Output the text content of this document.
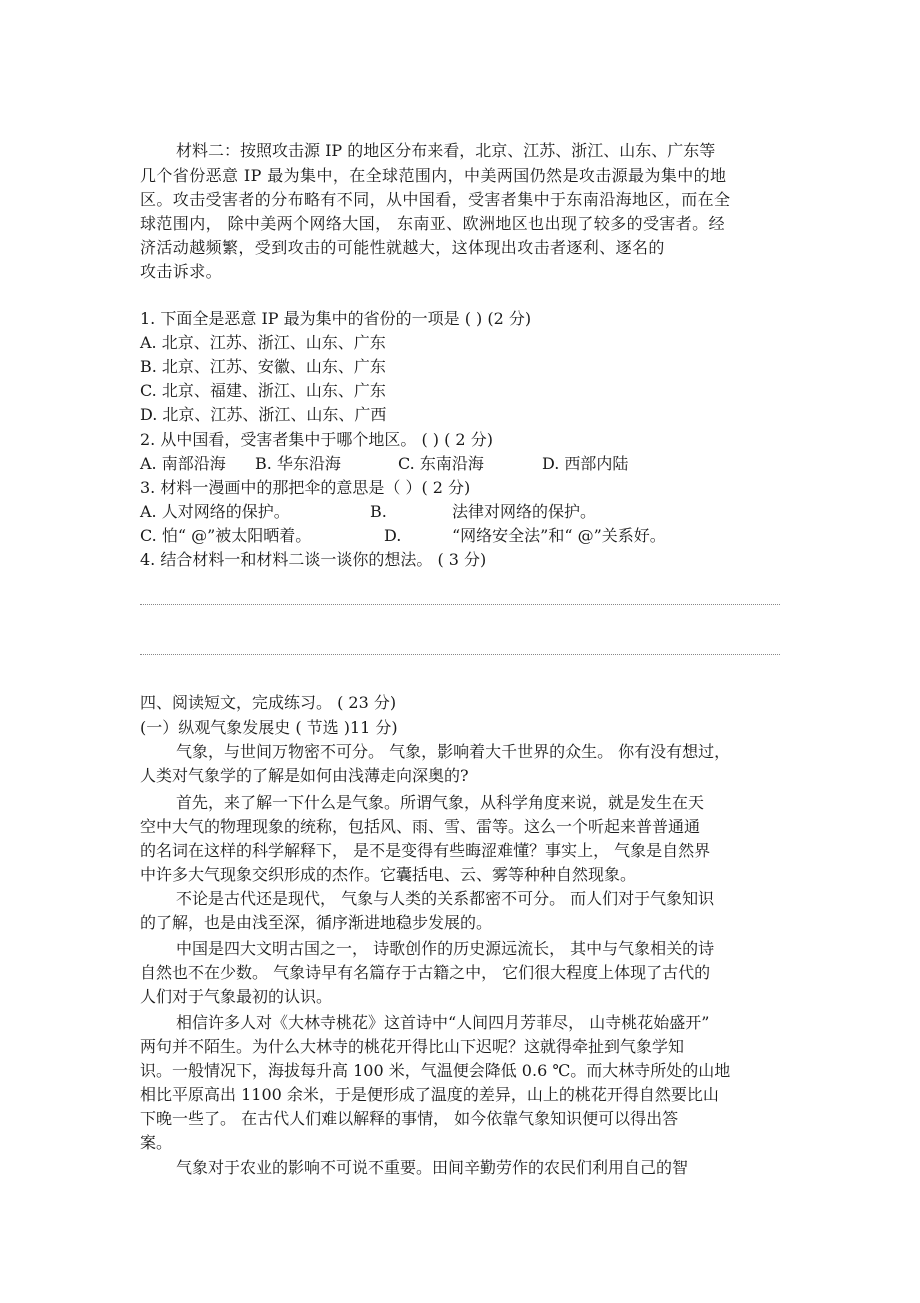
材料二：按照攻击源 IP 的地区分布来看，北京、江苏、浙江、山东、广东等
几个省份恶意 IP 最为集中，在全球范围内，中美两国仍然是攻击源最为集中的地
区。攻击受害者的分布略有不同，从中国看，受害者集中于东南沿海地区，而在全
球范围内， 除中美两个网络大国， 东南亚、欧洲地区也出现了较多的受害者。经
济活动越频繁，受到攻击的可能性就越大，这体现出攻击者逐利、逐名的
攻击诉求。
1. 下面全是恶意 IP 最为集中的省份的一项是 ( ) (2 分)
A. 北京、江苏、浙江、山东、广东
B. 北京、江苏、安徽、山东、广东
C. 北京、福建、浙江、山东、广东
D. 北京、江苏、浙江、山东、广西
2. 从中国看，受害者集中于哪个地区。 ( ) ( 2 分)
A. 南部沿海 B. 华东沿海	C. 东南沿海	D. 西部内陆
3. 材料一漫画中的那把伞的意思是（ ）( 2 分)
A. 人对网络的保护。	B.	法律对网络的保护。
C. 怕“ @”被太阳晒着。	D.	“网络安全法”和“ @”关系好。
4. 结合材料一和材料二谈一谈你的想法。 ( 3 分)
四、阅读短文，完成练习。 ( 23 分)
(一）纵观气象发展史 ( 节选 )11 分)
气象，与世间万物密不可分。 气象，影响着大千世界的众生。 你有没有想过，
人类对气象学的了解是如何由浅薄走向深奥的?
首先，来了解一下什么是气象。所谓气象，从科学角度来说，就是发生在天
空中大气的物理现象的统称，包括风、雨、雪、雷等。这么一个听起来普普通通
的名词在这样的科学解释下， 是不是变得有些晦涩难懂？事实上， 气象是自然界
中许多大气现象交织形成的杰作。它囊括电、云、雾等种种自然现象。
不论是古代还是现代， 气象与人类的关系都密不可分。 而人们对于气象知识
的了解，也是由浅至深，循序渐进地稳步发展的。
中国是四大文明古国之一， 诗歌创作的历史源远流长， 其中与气象相关的诗
自然也不在少数。 气象诗早有名篇存于古籍之中， 它们很大程度上体现了古代的
人们对于气象最初的认识。
相信许多人对《大林寺桃花》这首诗中“人间四月芳菲尽， 山寺桃花始盛开”
两句并不陌生。为什么大林寺的桃花开得比山下迟呢？这就得牵扯到气象学知
识。一般情况下，海拔每升高 100 米，气温便会降低 0.6 ℃。而大林寺所处的山地
相比平原高出 1100 余米，于是便形成了温度的差异，山上的桃花开得自然要比山
下晚一些了。 在古代人们难以解释的事情， 如今依靠气象知识便可以得出答
案。
气象对于农业的影响不可说不重要。田间辛勤劳作的农民们利用自己的智
